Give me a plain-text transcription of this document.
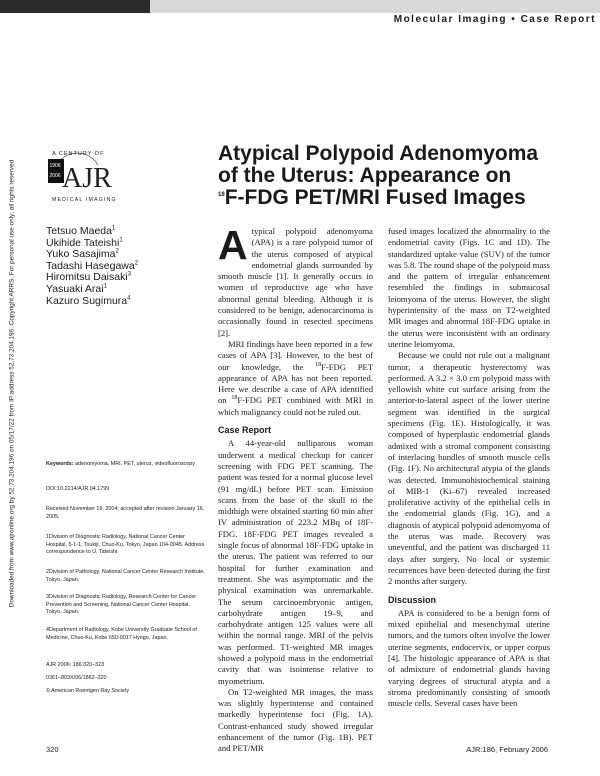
Molecular Imaging • Case Report
Downloaded from www.ajronline.org by 52.73.204.196 on 05/17/22 from IP address 52.73.204.196. Copyright ARRS. For personal use only; all rights reserved
A CENTURY OF
1906
2006 AJR
MEDICAL IMAGING
Atypical Polypoid Adenomyoma
of the Uterus: Appearance on
$^{18}$F-FDG PET/MRI Fused Images
Tetsuo Maeda$^1$
Ukihide Tateishi$^1$
Yuko Sasajima$^2$
Tadashi Hasegawa$^2$
Hiromitsu Daisaki$^3$
Yasuaki Arai$^1$
Kazuro Sugimura$^4$
Keywords: adenomyoma, MRI, PET, uterus, videofluoroscopy
DOI:10.2214/AJR.04.1799
Received November 19, 2004; accepted after revision January 16, 2005.
1Division of Diagnostic Radiology, National Cancer Center Hospital, 5-1-1, Tsukiji, Chuo-Ku, Tokyo, Japan 104-0045. Address correspondence to U. Tateishi.
2Division of Pathology, National Cancer Center Research Institute, Tokyo, Japan.
3Division of Diagnostic Radiology, Research Center for Cancer Prevention and Screening, National Cancer Center Hospital, Tokyo, Japan.
4Department of Radiology, Kobe University Graduate School of Medicine, Chuo-Ku, Kobe 650-0017 Hyogo, Japan.
AJR 2006; 186:320–323
0361–803X/06/1862–320
© American Roentgen Ray Society

Atypical polypoid adenomyoma (APA) is a rare polypoid tumor of the uterus composed of atypical endometrial glands surrounded by smooth muscle [1]. It generally occurs in women of reproductive age who have abnormal genital bleeding. Although it is considered to be benign, adenocarcinoma is occasionally found in resected specimens [2].

MRI findings have been reported in a few cases of APA [3]. However, to the best of our knowledge, the $^{18}$F-FDG PET appearance of APA has not been reported. Here we describe a case of APA identified on $^{18}$F-FDG PET combined with MRI in which malignancy could not be ruled out.

Case Report

A 44-year-old nulliparous woman underwent a medical checkup for cancer screening with FDG PET scanning. The patient was tested for a normal glucose level (91 mg/dL) before PET scan. Emission scans from the base of the skull to the midthigh were obtained starting 60 min after IV administration of 223.2 MBq of 18F-FDG. 18F-FDG PET images revealed a single focus of abnormal 18F-FDG uptake in the uterus. The patient was referred to our hospital for further examination and treatment. She was asymptomatic and the physical examination was unremarkable. The serum carcinoembryonic antigen, carbohydrate antigen 19–9, and carbohydrate antigen 125 values were all within the normal range. MRI of the pelvis was performed. T1-weighted MR images showed a polypoid mass in the endometrial cavity that was isointense relative to myometrium.

On T2-weighted MR images, the mass was slightly hyperintense and contained markedly hyperintense foci (Fig. 1A). Contrast-enhanced study showed irregular enhancement of the tumor (Fig. 1B). PET and PET/MR

fused images localized the abnormality to the endometrial cavity (Figs. 1C and 1D). The standardized uptake value (SUV) of the tumor was 5.8. The round shape of the polypoid mass and the pattern of irregular enhancement resembled the findings in submucosal leiomyoma of the uterus. However, the slight hyperintensity of the mass on T2-weighted MR images and abnormal 18F-FDG uptake in the uterus were inconsistent with an ordinary uterine leiomyoma.

Because we could not rule out a malignant tumor, a therapeutic hysterectomy was performed. A 3.2 × 3.0 cm polypoid mass with yellowish white cut surface arising from the anterior-to-lateral aspect of the lower uterine segment was identified in the surgical specimens (Fig. 1E). Histologically, it was composed of hyperplastic endometrial glands admixed with a stromal component consisting of interlacing bundles of smooth muscle cells (Fig. 1F). No architectural atypia of the glands was detected. Immunohistochemical staining of MIB-1 (Ki–67) revealed increased proliferative activity of the epithelial cells in the endometrial glands (Fig. 1G), and a diagnosis of atypical polypoid adenomyoma of the uterus was made. Recovery was uneventful, and the patient was discharged 11 days after surgery. No local or systemic recurrences have been detected during the first 2 months after surgery.

Discussion

APA is considered to be a benign form of mixed epithelial and mesenchymal uterine tumors, and the tumors often involve the lower uterine segments, endocervix, or upper corpus [4]. The histologic appearance of APA is that of admixture of endometrial glands having varying degrees of structural atypia and a stroma predominantly consisting of smooth muscle cells. Several cases have been

320	AJR:186, February 2006
